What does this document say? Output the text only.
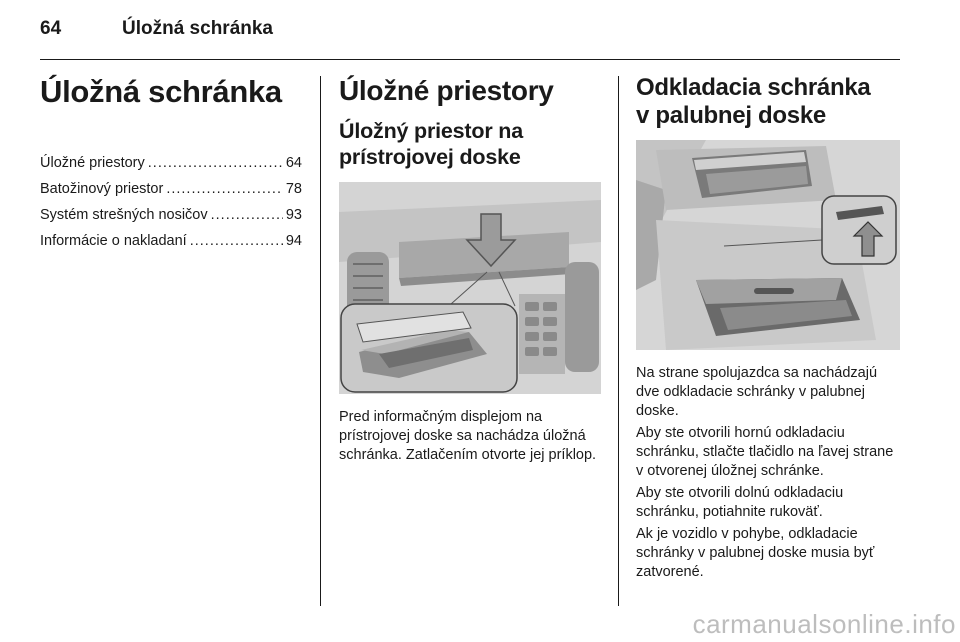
64	Úložná schránka
Úložná schránka
Úložné priestory .....	64
Batožinový priestor .....	78
Systém strešných nosičov .....	93
Informácie o nakladaní .....	94
Úložné priestory
Úložný priestor na
prístrojovej doske

Pred informačným displejom na prístrojovej doske sa nachádza úložná schránka. Zatlačením otvorte jej príklop.

Odkladacia schránka
v palubnej doske

Na strane spolujazdca sa nachádzajú dve odkladacie schránky v palubnej doske.

Aby ste otvorili hornú odkladaciu schránku, stlačte tlačidlo na ľavej strane v otvorenej úložnej schránke.

Aby ste otvorili dolnú odkladaciu schránku, potiahnite rukoväť.

Ak je vozidlo v pohybe, odkladacie schránky v palubnej doske musia byť zatvorené.

carmanualsonline.info
